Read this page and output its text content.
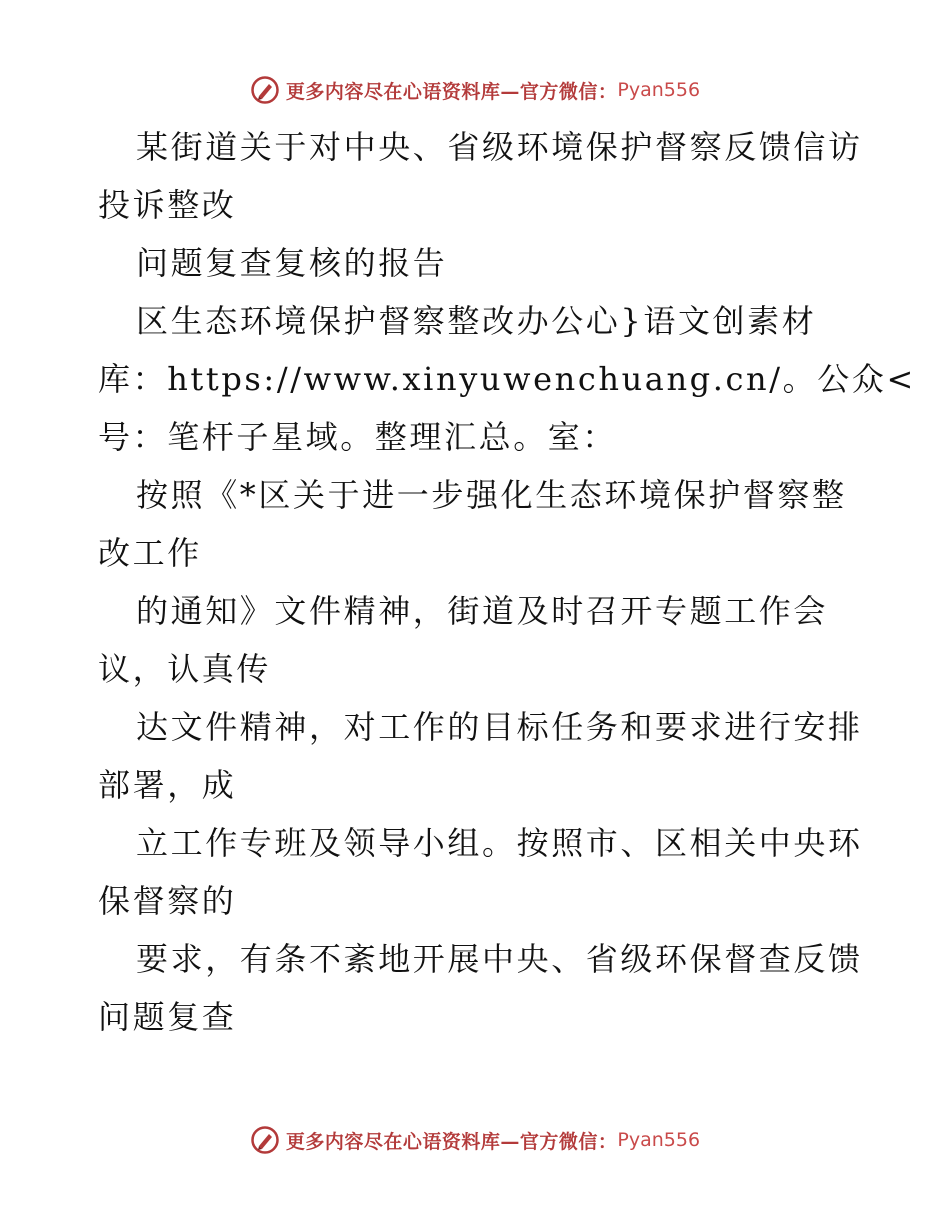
更多内容尽在心语资料库—官方微信： Pyan556
某街道关于对中央、省级环境保护督察反馈信访
投诉整改
问题复查复核的报告
区生态环境保护督察整改办公心}语文创素材
库：https://www.xinyuwenchuang.cn/。公众<
号：笔杆子星域。整理汇总。室：
按照《*区关于进一步强化生态环境保护督察整
改工作
的通知》文件精神，街道及时召开专题工作会
议，认真传
达文件精神，对工作的目标任务和要求进行安排
部署，成
立工作专班及领导小组。按照市、区相关中央环
保督察的
要求，有条不紊地开展中央、省级环保督查反馈
问题复查
更多内容尽在心语资料库—官方微信： Pyan556
